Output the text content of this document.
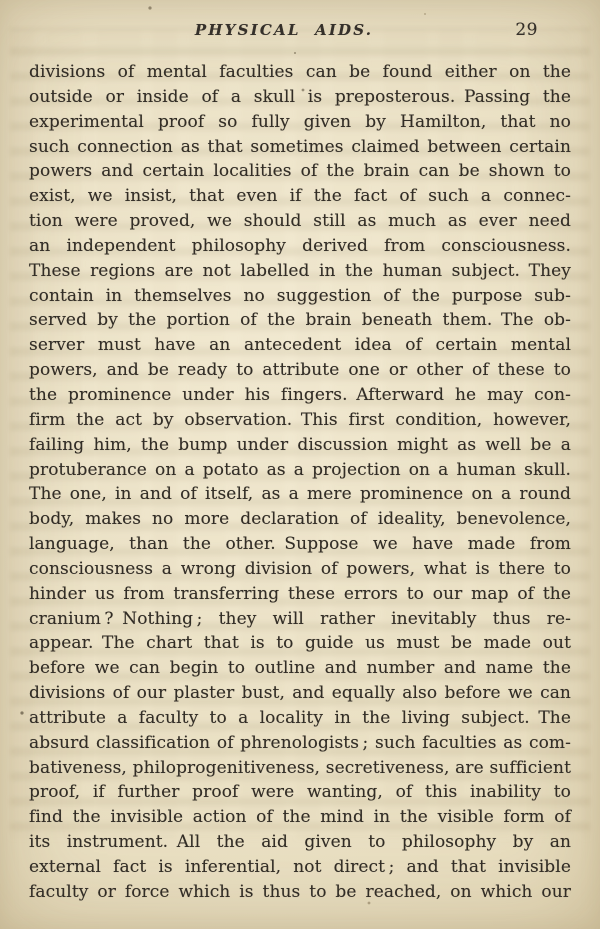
PHYSICAL AIDS.	29
divisions of mental faculties can be found either on the
outside or inside of a skull is preposterous. Passing the
experimental proof so fully given by Hamilton, that no
such connection as that sometimes claimed between certain
powers and certain localities of the brain can be shown to
exist, we insist, that even if the fact of such a connec-
tion were proved, we should still as much as ever need
an independent philosophy derived from consciousness.
These regions are not labelled in the human subject. They
contain in themselves no suggestion of the purpose sub-
served by the portion of the brain beneath them. The ob-
server must have an antecedent idea of certain mental
powers, and be ready to attribute one or other of these to
the prominence under his fingers. Afterward he may con-
firm the act by observation. This first condition, however,
failing him, the bump under discussion might as well be a
protuberance on a potato as a projection on a human skull.
The one, in and of itself, as a mere prominence on a round
body, makes no more declaration of ideality, benevolence,
language, than the other. Suppose we have made from
consciousness a wrong division of powers, what is there to
hinder us from transferring these errors to our map of the
cranium ? Nothing ; they will rather inevitably thus re-
appear. The chart that is to guide us must be made out
before we can begin to outline and number and name the
divisions of our plaster bust, and equally also before we can
attribute a faculty to a locality in the living subject. The
absurd classification of phrenologists ; such faculties as com-
bativeness, philoprogenitiveness, secretiveness, are sufficient
proof, if further proof were wanting, of this inability to
find the invisible action of the mind in the visible form of
its instrument. All the aid given to philosophy by an
external fact is inferential, not direct ; and that invisible
faculty or force which is thus to be reached, on which our
